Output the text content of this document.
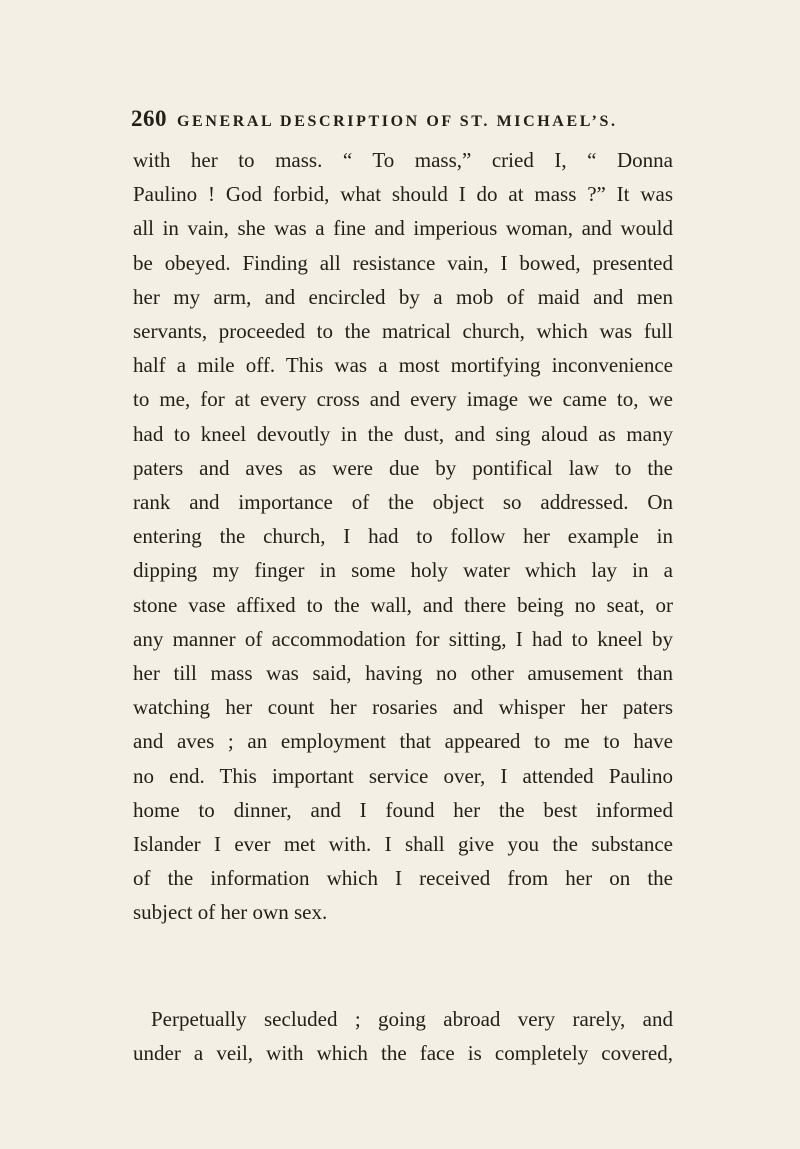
260 GENERAL DESCRIPTION OF ST. MICHAEL’S.

with her to mass. “ To mass,” cried I, “ Donna
Paulino ! God forbid, what should I do at mass ?” It was
all in vain, she was a fine and imperious woman, and would
be obeyed. Finding all resistance vain, I bowed, presented
her my arm, and encircled by a mob of maid and men
servants, proceeded to the matrical church, which was full
half a mile off. This was a most mortifying inconvenience
to me, for at every cross and every image we came to, we
had to kneel devoutly in the dust, and sing aloud as many
paters and aves as were due by pontifical law to the
rank and importance of the object so addressed. On
entering the church, I had to follow her example in
dipping my finger in some holy water which lay in a
stone vase affixed to the wall, and there being no seat, or
any manner of accommodation for sitting, I had to kneel by
her till mass was said, having no other amusement than
watching her count her rosaries and whisper her paters
and aves ; an employment that appeared to me to have
no end. This important service over, I attended Paulino
home to dinner, and I found her the best informed
Islander I ever met with. I shall give you the substance
of the information which I received from her on the
subject of her own sex.

Perpetually secluded ; going abroad very rarely, and
under a veil, with which the face is completely covered,
